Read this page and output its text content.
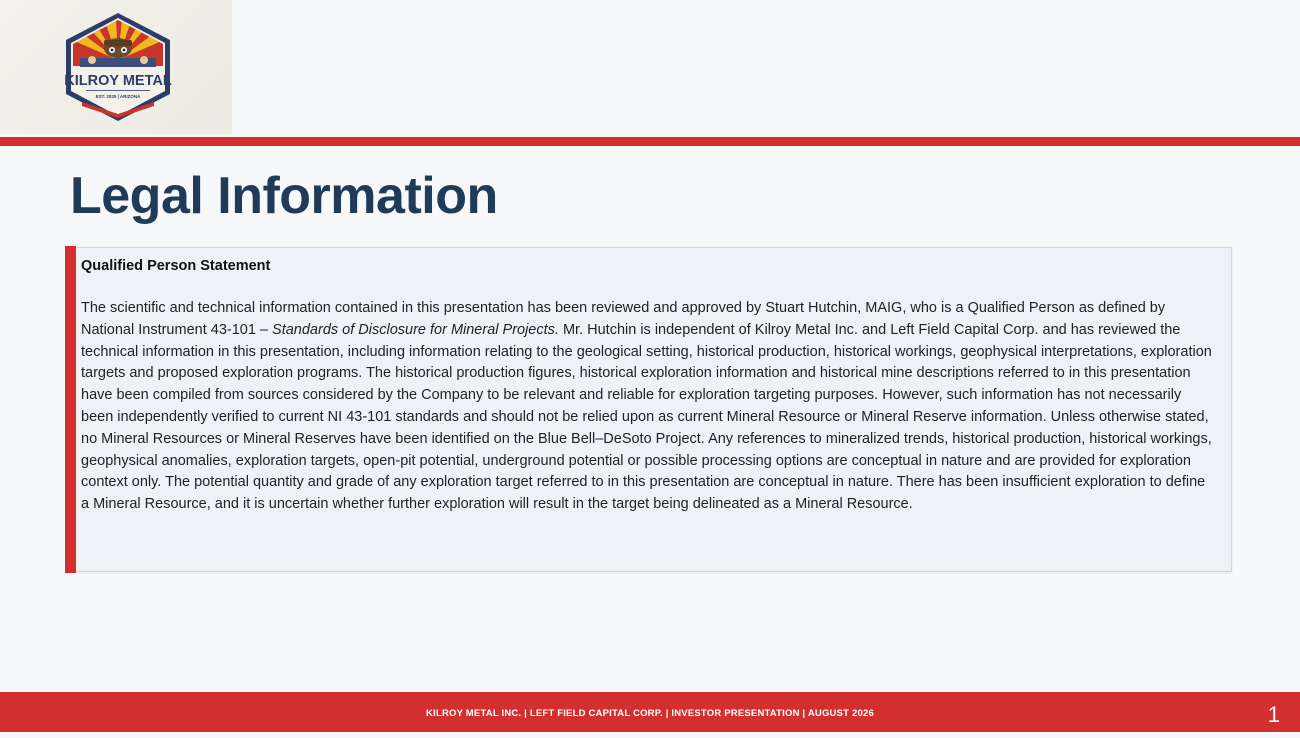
KILROY METAL
EST. 2025 | ARIZONA
Legal Information
Qualified Person Statement

The scientific and technical information contained in this presentation has been reviewed and approved by Stuart Hutchin, MAIG, who is a Qualified Person as defined by National Instrument 43-101 – Standards of Disclosure for Mineral Projects. Mr. Hutchin is independent of Kilroy Metal Inc. and Left Field Capital Corp. and has reviewed the technical information in this presentation, including information relating to the geological setting, historical production, historical workings, geophysical interpretations, exploration targets and proposed exploration programs. The historical production figures, historical exploration information and historical mine descriptions referred to in this presentation have been compiled from sources considered by the Company to be relevant and reliable for exploration targeting purposes. However, such information has not necessarily been independently verified to current NI 43-101 standards and should not be relied upon as current Mineral Resource or Mineral Reserve information. Unless otherwise stated, no Mineral Resources or Mineral Reserves have been identified on the Blue Bell–DeSoto Project. Any references to mineralized trends, historical production, historical workings, geophysical anomalies, exploration targets, open-pit potential, underground potential or possible processing options are conceptual in nature and are provided for exploration context only. The potential quantity and grade of any exploration target referred to in this presentation are conceptual in nature. There has been insufficient exploration to define a Mineral Resource, and it is uncertain whether further exploration will result in the target being delineated as a Mineral Resource.

KILROY METAL INC. | LEFT FIELD CAPITAL CORP. | INVESTOR PRESENTATION | AUGUST 2026	1
